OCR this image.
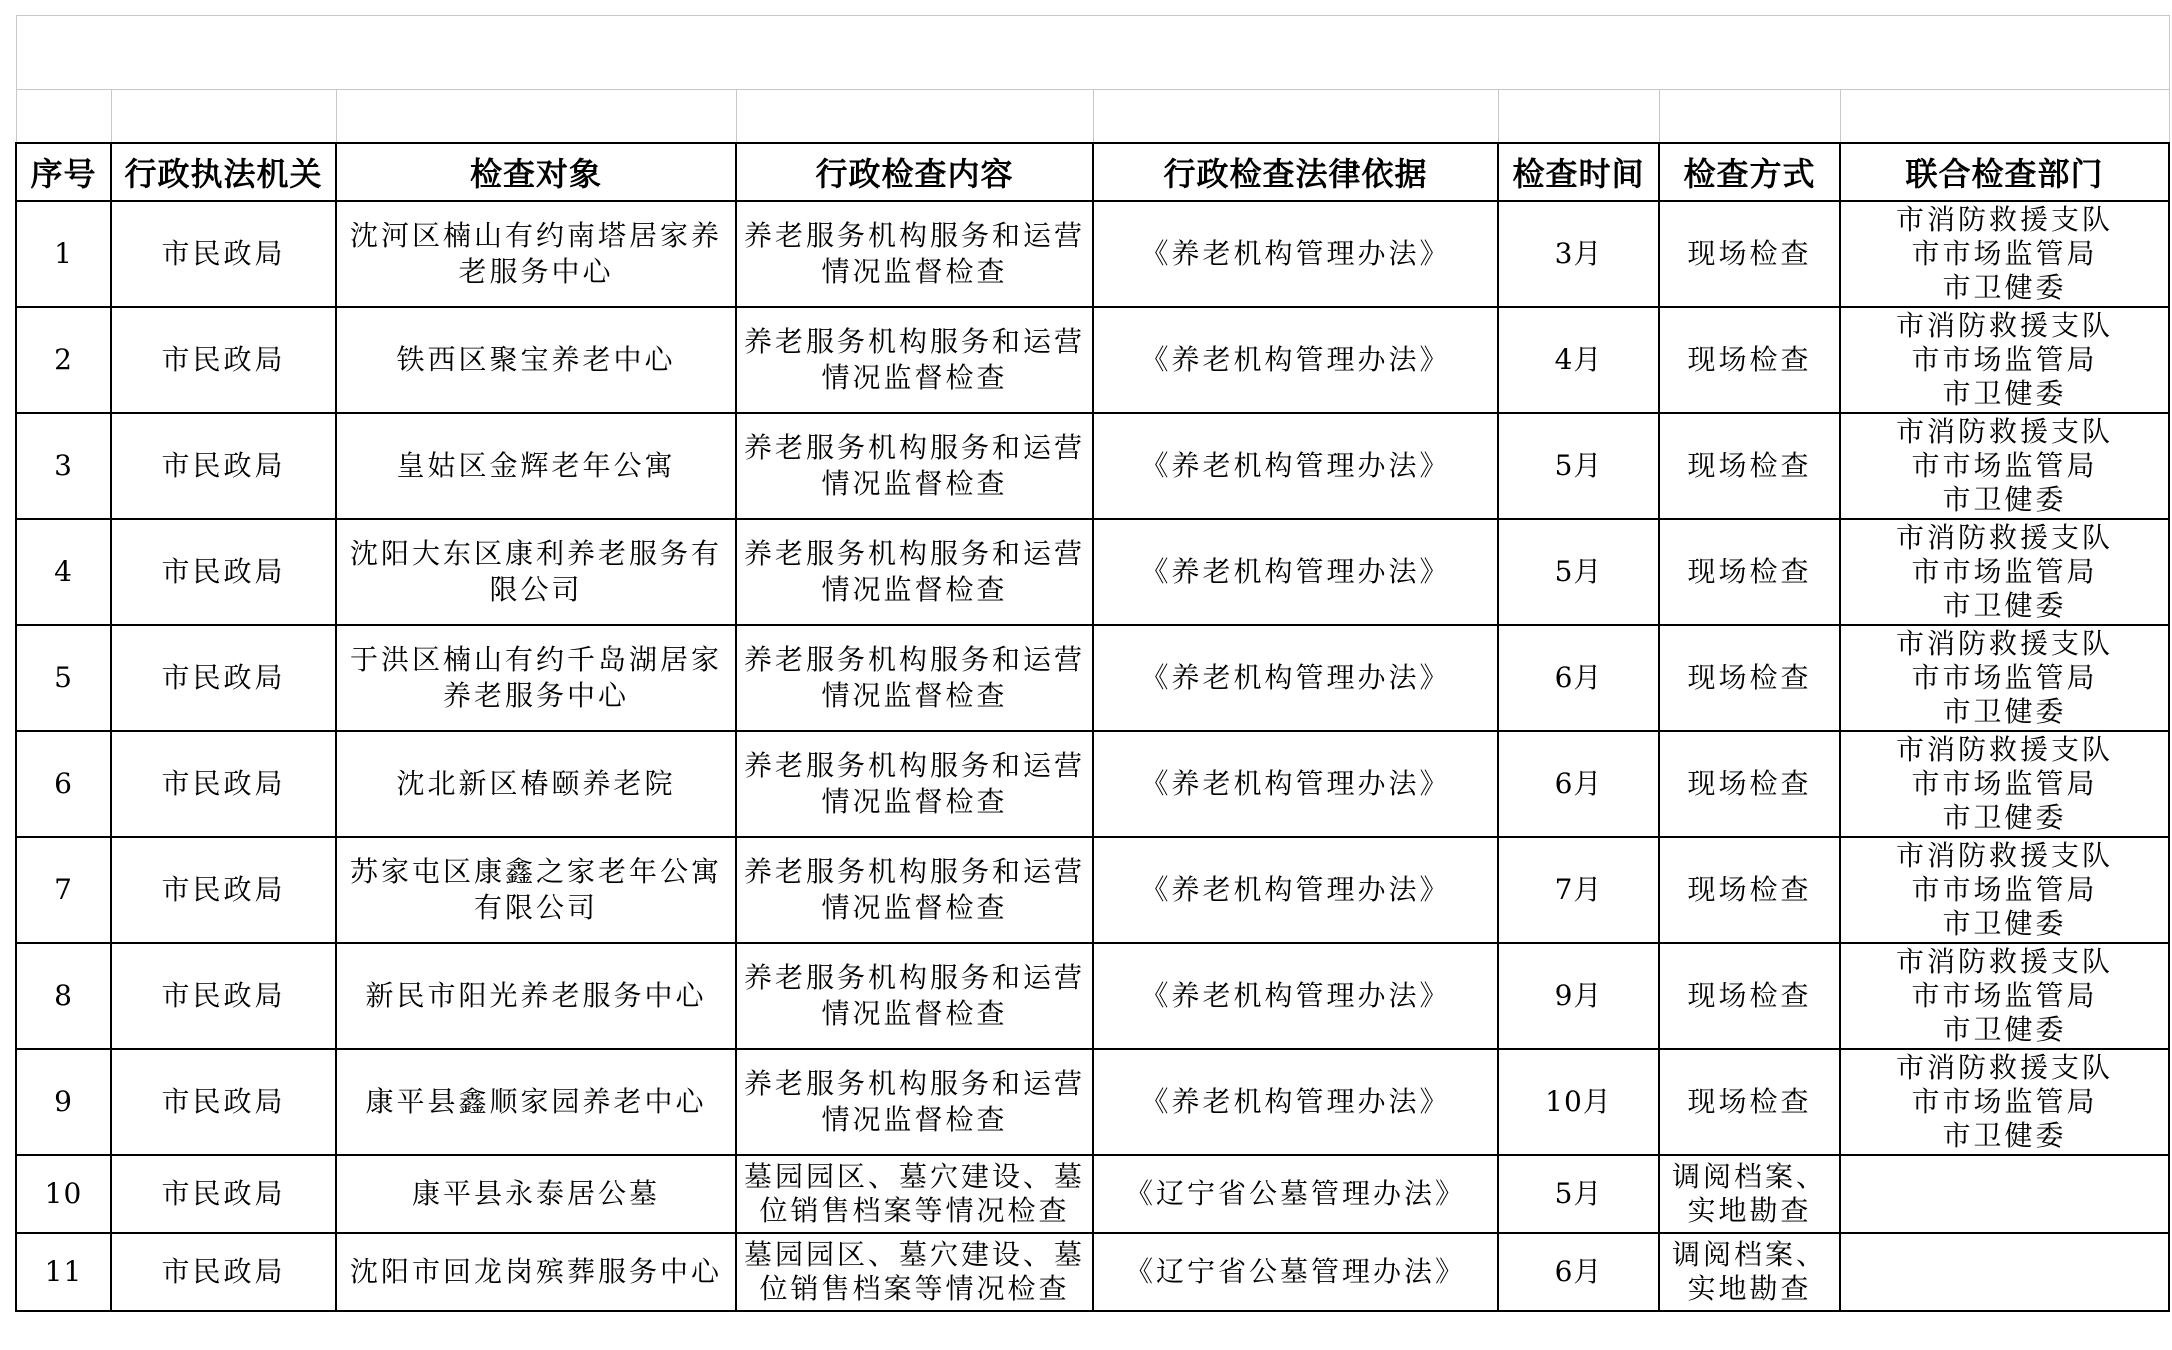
序号	行政执法机关	检查对象	行政检查内容	行政检查法律依据	检查时间	检查方式	联合检查部门
1	市民政局	沈河区楠山有约南塔居家养老服务中心	养老服务机构服务和运营情况监督检查	《养老机构管理办法》	3月	现场检查	市消防救援支队
市市场监管局
市卫健委

2	市民政局	铁西区聚宝养老中心	养老服务机构服务和运营情况监督检查	《养老机构管理办法》	4月	现场检查	市消防救援支队
市市场监管局
市卫健委

3	市民政局	皇姑区金辉老年公寓	养老服务机构服务和运营情况监督检查	《养老机构管理办法》	5月	现场检查	市消防救援支队
市市场监管局
市卫健委

4	市民政局	沈阳大东区康利养老服务有限公司	养老服务机构服务和运营情况监督检查	《养老机构管理办法》	5月	现场检查	市消防救援支队
市市场监管局
市卫健委

5	市民政局	于洪区楠山有约千岛湖居家养老服务中心	养老服务机构服务和运营情况监督检查	《养老机构管理办法》	6月	现场检查	市消防救援支队
市市场监管局
市卫健委

6	市民政局	沈北新区椿颐养老院	养老服务机构服务和运营情况监督检查	《养老机构管理办法》	6月	现场检查	市消防救援支队
市市场监管局
市卫健委

7	市民政局	苏家屯区康鑫之家老年公寓有限公司	养老服务机构服务和运营情况监督检查	《养老机构管理办法》	7月	现场检查	市消防救援支队
市市场监管局
市卫健委

8	市民政局	新民市阳光养老服务中心	养老服务机构服务和运营情况监督检查	《养老机构管理办法》	9月	现场检查	市消防救援支队
市市场监管局
市卫健委

9	市民政局	康平县鑫顺家园养老中心	养老服务机构服务和运营情况监督检查	《养老机构管理办法》	10月	现场检查	市消防救援支队
市市场监管局
市卫健委

10	市民政局	康平县永泰居公墓	墓园园区、墓穴建设、墓位销售档案等情况检查	《辽宁省公墓管理办法》	5月	调阅档案、实地勘查	
11	市民政局	沈阳市回龙岗殡葬服务中心	墓园园区、墓穴建设、墓位销售档案等情况检查	《辽宁省公墓管理办法》	6月	调阅档案、实地勘查	
